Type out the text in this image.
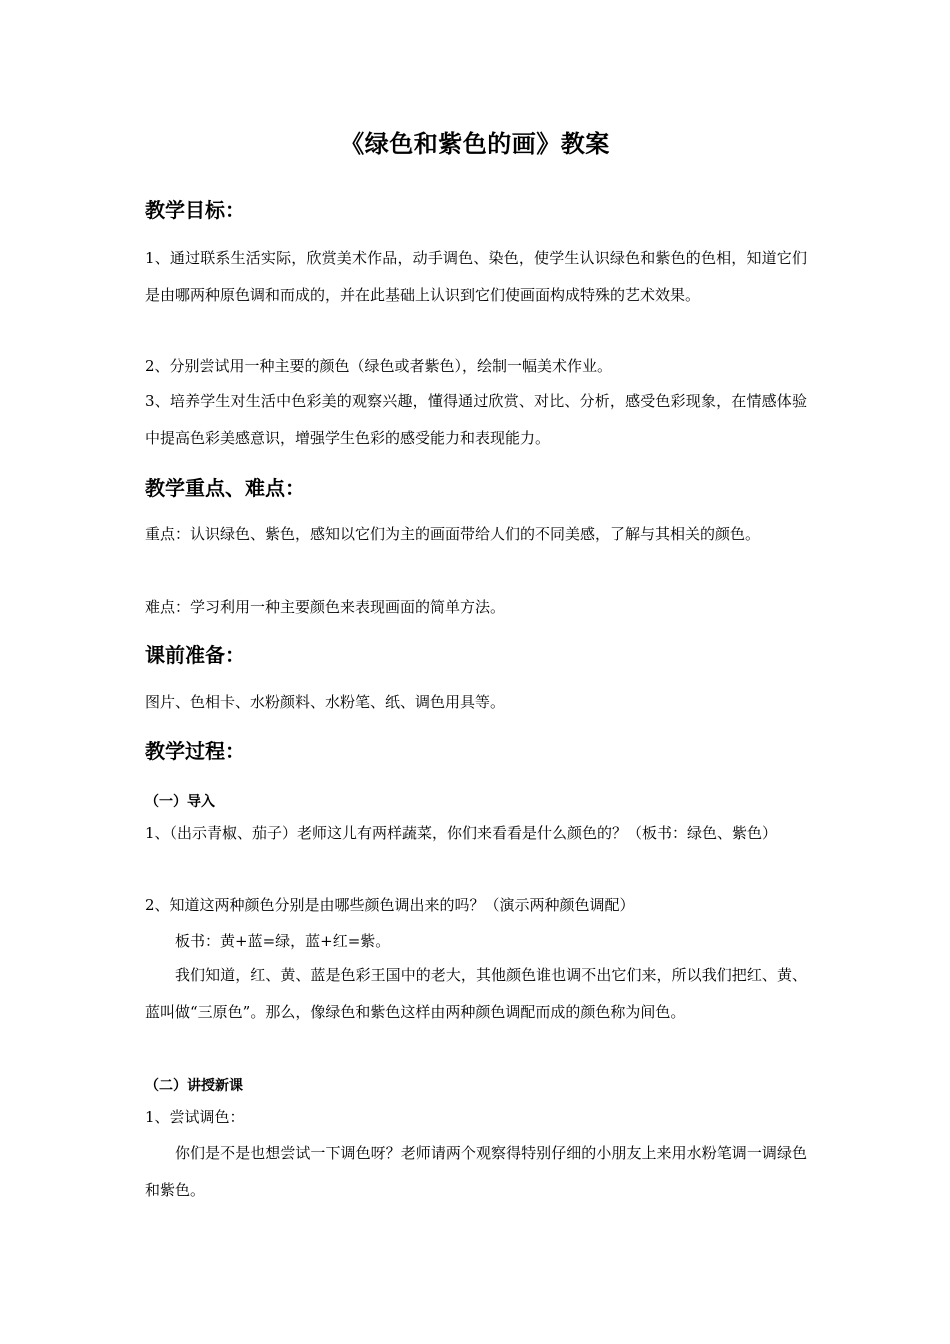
《绿色和紫色的画》教案
教学目标：
1、通过联系生活实际，欣赏美术作品，动手调色、染色，使学生认识绿色和紫色的色相，知道它们是由哪两种原色调和而成的，并在此基础上认识到它们使画面构成特殊的艺术效果。
2、分别尝试用一种主要的颜色（绿色或者紫色），绘制一幅美术作业。
3、培养学生对生活中色彩美的观察兴趣，懂得通过欣赏、对比、分析，感受色彩现象，在情感体验中提高色彩美感意识，增强学生色彩的感受能力和表现能力。
教学重点、难点：
重点：认识绿色、紫色，感知以它们为主的画面带给人们的不同美感，了解与其相关的颜色。
难点：学习利用一种主要颜色来表现画面的简单方法。
课前准备：
图片、色相卡、水粉颜料、水粉笔、纸、调色用具等。
教学过程：
（一）导入
1、（出示青椒、茄子）老师这儿有两样蔬菜，你们来看看是什么颜色的？（板书：绿色、紫色）
2、知道这两种颜色分别是由哪些颜色调出来的吗？（演示两种颜色调配）
板书：黄+蓝=绿，蓝+红=紫。
我们知道，红、黄、蓝是色彩王国中的老大，其他颜色谁也调不出它们来，所以我们把红、黄、蓝叫做“三原色”。那么，像绿色和紫色这样由两种颜色调配而成的颜色称为间色。
（二）讲授新课
1、尝试调色：
你们是不是也想尝试一下调色呀？老师请两个观察得特别仔细的小朋友上来用水粉笔调一调绿色和紫色。
